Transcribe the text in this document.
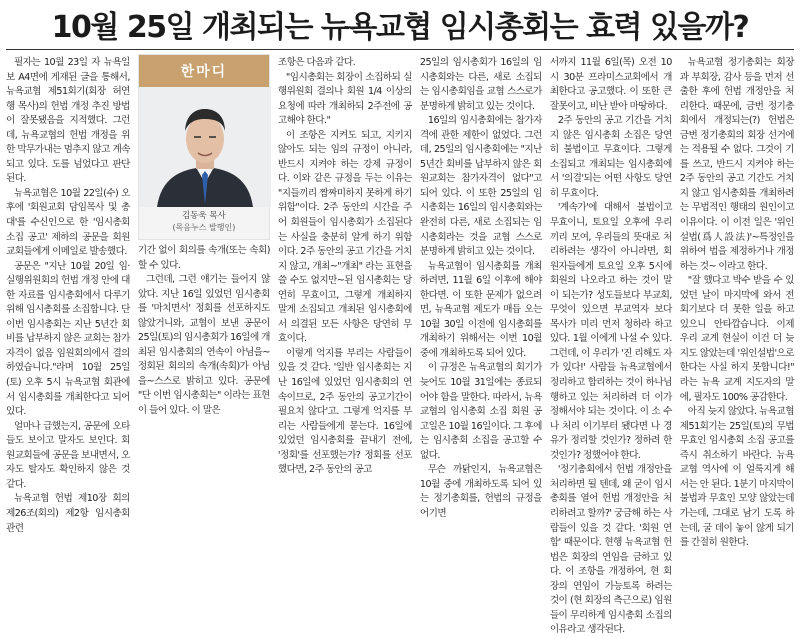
10월 25일 개최되는 뉴욕교협 임시총회는 효력 있을까?

필자는 10월 23일 자 뉴욕일보 A4면에 게재된 글을 통해서, 뉴욕교협 제51회기(회장 허연행 목사)의 헌법 개정 추진 방법이 잘못됐음을 지적했다. 그런데, 뉴욕교협의 헌법 개정을 위한 막무가내는 멈추지 않고 계속되고 있다. 도를 넘었다고 판단된다.

뉴욕교협은 10월 22일(수) 오후에 '회원교회 담임목사 및 총대'를 수신인으로 한 '임시총회 소집 공고' 제하의 공문을 회원교회들에게 이메일로 발송했다.

공문은 "지난 10월 20일 임·실행위원회의 헌법 개정 안에 대한 자료를 임시총회에서 다루기 위해 임시총회를 소집합니다. 단 이번 임시총회는 지난 5년간 회비를 납부하지 않은 교회는 참가 자격이 없음 임원회의에서 결의하였습니다."라며 10월 25일(토) 오후 5시 뉴욕교협 회관에서 임시총회를 개최한다고 되어 있다.

얼마나 급했는지, 공문에 오타들도 보이고 말자도 보인다. 회원교회들에 공문을 보내면서, 오자도 탈자도 확인하지 않은 것 같다.

뉴욕교협 헌법 제10장 회의 제26조(회의) 제2항 임시총회 관련

한마디
김동욱 목사
(목음누스 발행인)

기간 없이 회의를 속개(또는 속회)할 수 있다.

그런데, 그런 얘기는 들어지 않았다. 지난 16일 있었던 임시총회를 '마치면서' 정회를 선포하지도 않았거니와, 교협이 보낸 공문이 25일(토)의 임시총회가 16일에 개최된 임시총회의 연속이 아님을~정회된 회의의 속개(속회)가 아님을~스스로 밝히고 있다. 공문에 "단 이번 임시총회는" 이라는 표현이 들어 있다. 이 말은

조항은 다음과 같다.

"임시총회는 회장이 소집하되 실행위원회 결의나 회원 1/4 이상의 요청에 따라 개최하되 2주전에 공고해야 한다."

이 조항은 지켜도 되고, 지키지 않아도 되는 임의 규정이 아니라, 반드시 지켜야 하는 강제 규정이다. 이와 같은 규정을 두는 이유는 "지들끼리 짬짜미하지 못하게 하기 위함"이다. 2주 동안의 시간을 주어 회원들이 임시총회가 소집된다는 사실을 충분히 알게 하기 위함이다. 2주 동안의 공고 기간을 거치지 않고, 개최~"개최" 라는 표현을 쓸 수도 없지만~된 임시총회는 당연히 무효이고, 그렇게 개최하지 말게 소집되고 개최된 임시총회에서 의결된 모든 사항은 당연히 무효이다.

이렇게 억지를 부리는 사람들이 있을 것 같다. '일반 임시총회는 지난 16일에 있었던 임시총회의 연속이므로, 2주 동안의 공고기간이 필요치 않다'고. 그렇게 억지를 부리는 사람들에게 묻는다. 16일에 있었던 임시총회를 끝내기 전에, '정회'를 선포했는가? 정회를 선포했다면, 2주 동안의 공고

25일의 임시총회가 16일의 임시총회와는 다른, 새로 소집되는 임시총회임을 교협 스스로가 분명하게 밝히고 있는 것이다.

16일의 임시총회에는 참가자격에 관한 제한이 없었다. 그런데, 25일의 임시총회에는 "지난 5년간 회비를 납부하지 않은 회원교회는 참가자격이 없다"고 되어 있다. 이 또한 25일의 임시총회는 16일의 임시총회와는 완전히 다른, 새로 소집되는 임시총회라는 것을 교협 스스로 분명하게 밝히고 있는 것이다.

뉴욕교협이 임시총회를 개최하려면, 11월 6일 이후에 해야 한다면. 이 또한 문제가 없으려면, 뉴욕교협 제도가 매듭 오는 10월 30일 이전에 임시총회를 개최하기 위해서는 이번 10월 중에 개최하도록 되어 있다.

이 규정은 뉴욕교협의 회기가 늦어도 10월 31일에는 종료되어야 함을 말한다. 따라서, 뉴욕교협의 임시총회 소집 회원 공고일은 10월 16일이다. 그 후에는 임시총회 소집을 공고할 수 없다.

무슨 까닭인지, 뉴욕교협은 10월 중에 개최하도록 되어 있는 정기총회를, 헌법의 규정을 어기면

서까지 11월 6일(목) 오전 10시 30분 프라미스교회에서 개최한다고 공고했다. 이 또한 큰 잘못이고, 비난 받아 마땅하다.

2주 동안의 공고 기간을 거치지 않은 임시총회 소집은 당연히 불법이고 무효이다. 그렇게 소집되고 개최되는 임시총회에서 '의결'되는 어떤 사항도 당연히 무효이다.

'계속가'에 대해서 불법이고 무효이니, 토요일 오후에 우리끼리 모여, 우리들의 뜻대로 처리하려는 생각이 아니라면, 회원자들에게 토요일 오후 5시에 회원의 나오라고 하는 것이 말이 되는가? 성도들보다 부교회, 무엇이 있으면 부교역자 보다 목사가 미리 먼저 청하라 하고 있다. 1월 이에게 나설 수 있다. 그런데, 이 우리가 '진 리해도 자가 있다!' 사람들 뉴욕교협에서 정리하고 합리하는 것이 하나님 행하고 있는 처리하려 더 이가 정해서야 되는 것이다. 이 소 수 나 처리 이기부터 됐다면 나 경유가 정리할 것인가? 정하려 한 것인가? 정했어야 한다.

'정기총회에서 헌법 개정안을 처리하면 될 텐데, 왜 굳이 임시총회를 열어 헌법 개정안을 처리하려고 할까?' 궁금해 하는 사람들이 있을 것 같다. '회원 연합' 때문이다. 현행 뉴욕교협 헌법은 회장의 연임을 금하고 있다. 이 조항을 개정하여, 현 회장의 연임이 가능토록 하려는 것이 (현 회장의 측근으로) 임원들이 무리하게 임시총회 소집의 이유라고 생각된다.

뉴욕교협 정기총회는 회장과 부회장, 감사 등을 먼저 선출한 후에 헌법 개정안을 처리한다. 때문에, 금번 정기총회에서 개정되는(?) 헌법은 금번 정기총회의 회장 선거에는 적용될 수 없다. 그것이 기를 쓰고, 반드시 지켜야 하는 2주 동안의 공고 기간도 거치지 않고 임시총회를 개최하려는 무법적인 행태의 원인이고 이유이다. 이 이전 일은 '위인설법(爲人設法)'~특정인을 위하여 법을 제정하거나 개정하는 것~ 이라고 한다.

"잘 했다고 박수 받을 수 있었던 날이 마지막에 와서 전 회기보다 더 못한 일을 하고 있으니 안타깝습니다. 이제 우리 교계 현실이 이건 더 늦지도 않았는데 '위인설법'으로 한다는 사실 하지 못합니다!" 라는 뉴욕 교계 지도자의 말에, 필자도 100% 공감한다.

아직 늦지 않았다. 뉴욕교협 제51회기는 25일(토)의 무법 무효인 임시총회 소집 공고를 즉시 취소하기 바란다. 뉴욕교협 역사에 이 얼룩지게 해서는 안 된다. 1분기 마지막이 불법과 무효인 모양 않았는데 가는데, 그대로 남기 도록 하는데, 굴 데이 놓이 않게 되기 를 간절히 원한다.
